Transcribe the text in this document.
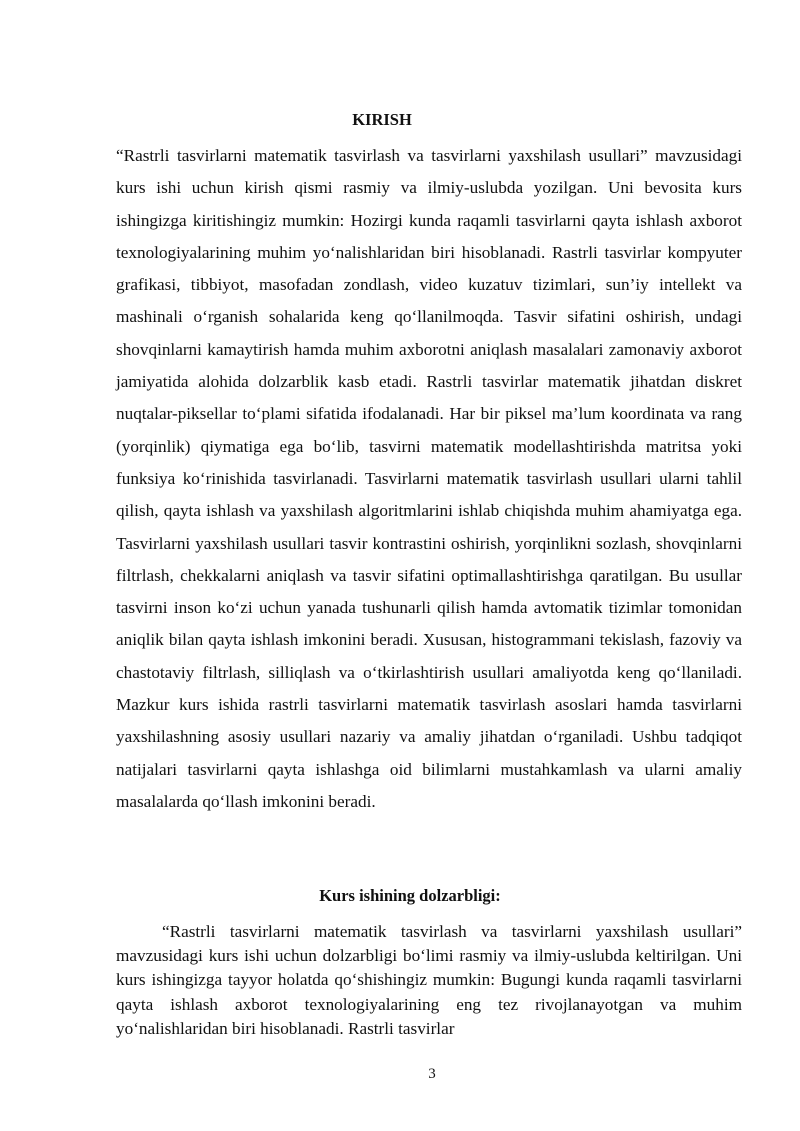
KIRISH
“Rastrli tasvirlarni matematik tasvirlash va tasvirlarni yaxshilash usullari” mavzusidagi kurs ishi uchun kirish qismi rasmiy va ilmiy-uslubda yozilgan. Uni bevosita kurs ishingizga kiritishingiz mumkin: Hozirgi kunda raqamli tasvirlarni qayta ishlash axborot texnologiyalarining muhim yo‘nalishlaridan biri hisoblanadi. Rastrli tasvirlar kompyuter grafikasi, tibbiyot, masofadan zondlash, video kuzatuv tizimlari, sun’iy intellekt va mashinali o‘rganish sohalarida keng qo‘llanilmoqda. Tasvir sifatini oshirish, undagi shovqinlarni kamaytirish hamda muhim axborotni aniqlash masalalari zamonaviy axborot jamiyatida alohida dolzarblik kasb etadi. Rastrli tasvirlar matematik jihatdan diskret nuqtalar-piksellar to‘plami sifatida ifodalanadi. Har bir piksel ma’lum koordinata va rang (yorqinlik) qiymatiga ega bo‘lib, tasvirni matematik modellashtirishda matritsa yoki funksiya ko‘rinishida tasvirlanadi. Tasvirlarni matematik tasvirlash usullari ularni tahlil qilish, qayta ishlash va yaxshilash algoritmlarini ishlab chiqishda muhim ahamiyatga ega. Tasvirlarni yaxshilash usullari tasvir kontrastini oshirish, yorqinlikni sozlash, shovqinlarni filtrlash, chekkalarni aniqlash va tasvir sifatini optimallashtirishga qaratilgan. Bu usullar tasvirni inson ko‘zi uchun yanada tushunarli qilish hamda avtomatik tizimlar tomonidan aniqlik bilan qayta ishlash imkonini beradi. Xususan, histogrammani tekislash, fazoviy va chastotaviy filtrlash, silliqlash va o‘tkirlashtirish usullari amaliyotda keng qo‘llaniladi. Mazkur kurs ishida rastrli tasvirlarni matematik tasvirlash asoslari hamda tasvirlarni yaxshilashning asosiy usullari nazariy va amaliy jihatdan o‘rganiladi. Ushbu tadqiqot natijalari tasvirlarni qayta ishlashga oid bilimlarni mustahkamlash va ularni amaliy masalalarda qo‘llash imkonini beradi.
Kurs ishining dolzarbligi:
“Rastrli tasvirlarni matematik tasvirlash va tasvirlarni yaxshilash usullari” mavzusidagi kurs ishi uchun dolzarbligi bo‘limi rasmiy va ilmiy-uslubda keltirilgan. Uni kurs ishingizga tayyor holatda qo‘shishingiz mumkin: Bugungi kunda raqamli tasvirlarni qayta ishlash axborot texnologiyalarining eng tez rivojlanayotgan va muhim yo‘nalishlaridan biri hisoblanadi. Rastrli tasvirlar
3
